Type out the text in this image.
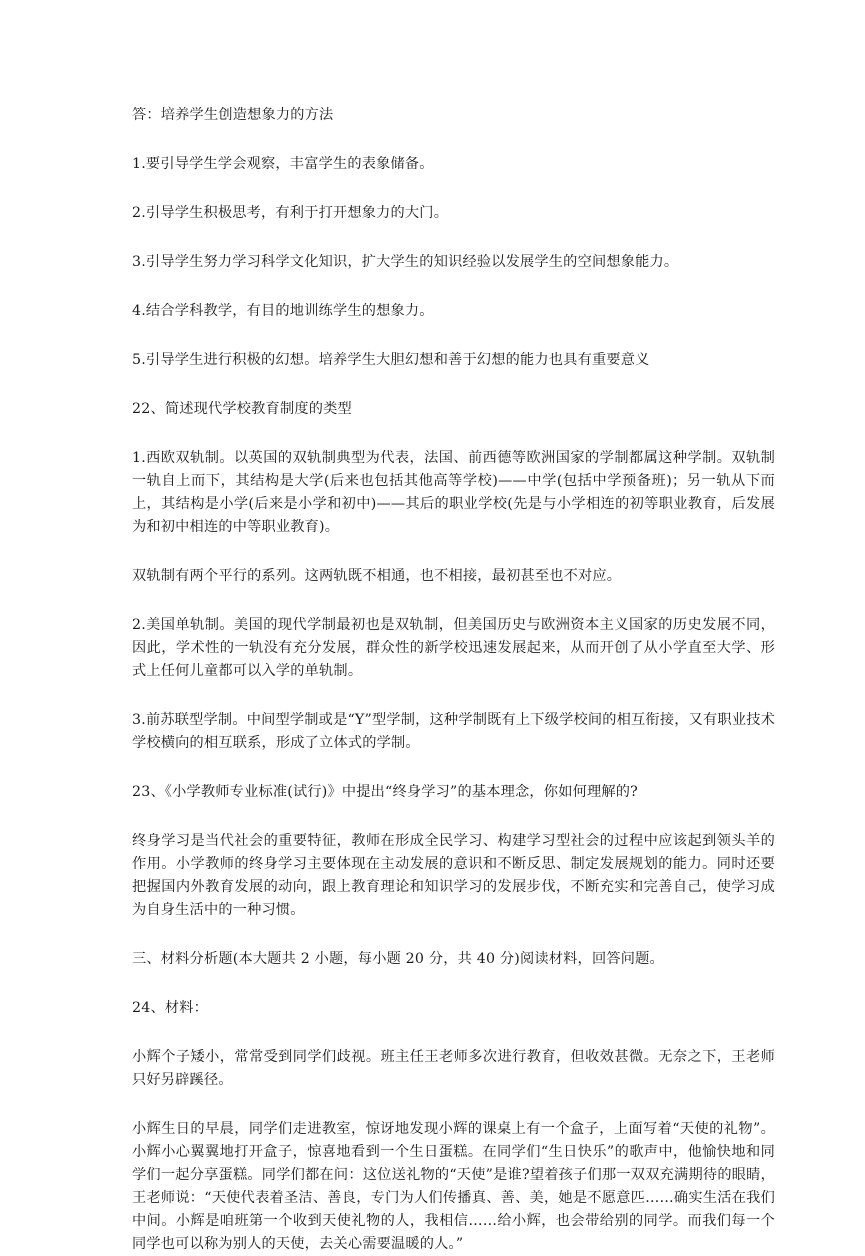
答：培养学生创造想象力的方法

1.要引导学生学会观察，丰富学生的表象储备。

2.引导学生积极思考，有利于打开想象力的大门。

3.引导学生努力学习科学文化知识，扩大学生的知识经验以发展学生的空间想象能力。

4.结合学科教学，有目的地训练学生的想象力。

5.引导学生进行积极的幻想。培养学生大胆幻想和善于幻想的能力也具有重要意义

22、简述现代学校教育制度的类型

1.西欧双轨制。以英国的双轨制典型为代表，法国、前西德等欧洲国家的学制都属这种学制。双轨制一轨自上而下，其结构是大学(后来也包括其他高等学校)——中学(包括中学预备班)；另一轨从下而上，其结构是小学(后来是小学和初中)——其后的职业学校(先是与小学相连的初等职业教育，后发展为和初中相连的中等职业教育)。

双轨制有两个平行的系列。这两轨既不相通，也不相接，最初甚至也不对应。

2.美国单轨制。美国的现代学制最初也是双轨制，但美国历史与欧洲资本主义国家的历史发展不同，因此，学术性的一轨没有充分发展，群众性的新学校迅速发展起来，从而开创了从小学直至大学、形式上任何儿童都可以入学的单轨制。

3.前苏联型学制。中间型学制或是“Y”型学制，这种学制既有上下级学校间的相互衔接，又有职业技术学校横向的相互联系，形成了立体式的学制。

23、《小学教师专业标准(试行)》中提出“终身学习”的基本理念，你如何理解的?

终身学习是当代社会的重要特征，教师在形成全民学习、构建学习型社会的过程中应该起到领头羊的作用。小学教师的终身学习主要体现在主动发展的意识和不断反思、制定发展规划的能力。同时还要把握国内外教育发展的动向，跟上教育理论和知识学习的发展步伐，不断充实和完善自己，使学习成为自身生活中的一种习惯。

三、材料分析题(本大题共 2 小题，每小题 20 分，共 40 分)阅读材料，回答问题。

24、材料：

小辉个子矮小，常常受到同学们歧视。班主任王老师多次进行教育，但收效甚微。无奈之下，王老师只好另辟蹊径。

小辉生日的早晨，同学们走进教室，惊讶地发现小辉的课桌上有一个盒子，上面写着“天使的礼物”。小辉小心翼翼地打开盒子，惊喜地看到一个生日蛋糕。在同学们“生日快乐”的歌声中，他愉快地和同学们一起分享蛋糕。同学们都在问：这位送礼物的“天使”是谁?望着孩子们那一双双充满期待的眼睛，王老师说：“天使代表着圣洁、善良，专门为人们传播真、善、美，她是不愿意匹……确实生活在我们中间。小辉是咱班第一个收到天使礼物的人，我相信……给小辉，也会带给别的同学。而我们每一个同学也可以称为别人的天使，去关心需要温暖的人。”
